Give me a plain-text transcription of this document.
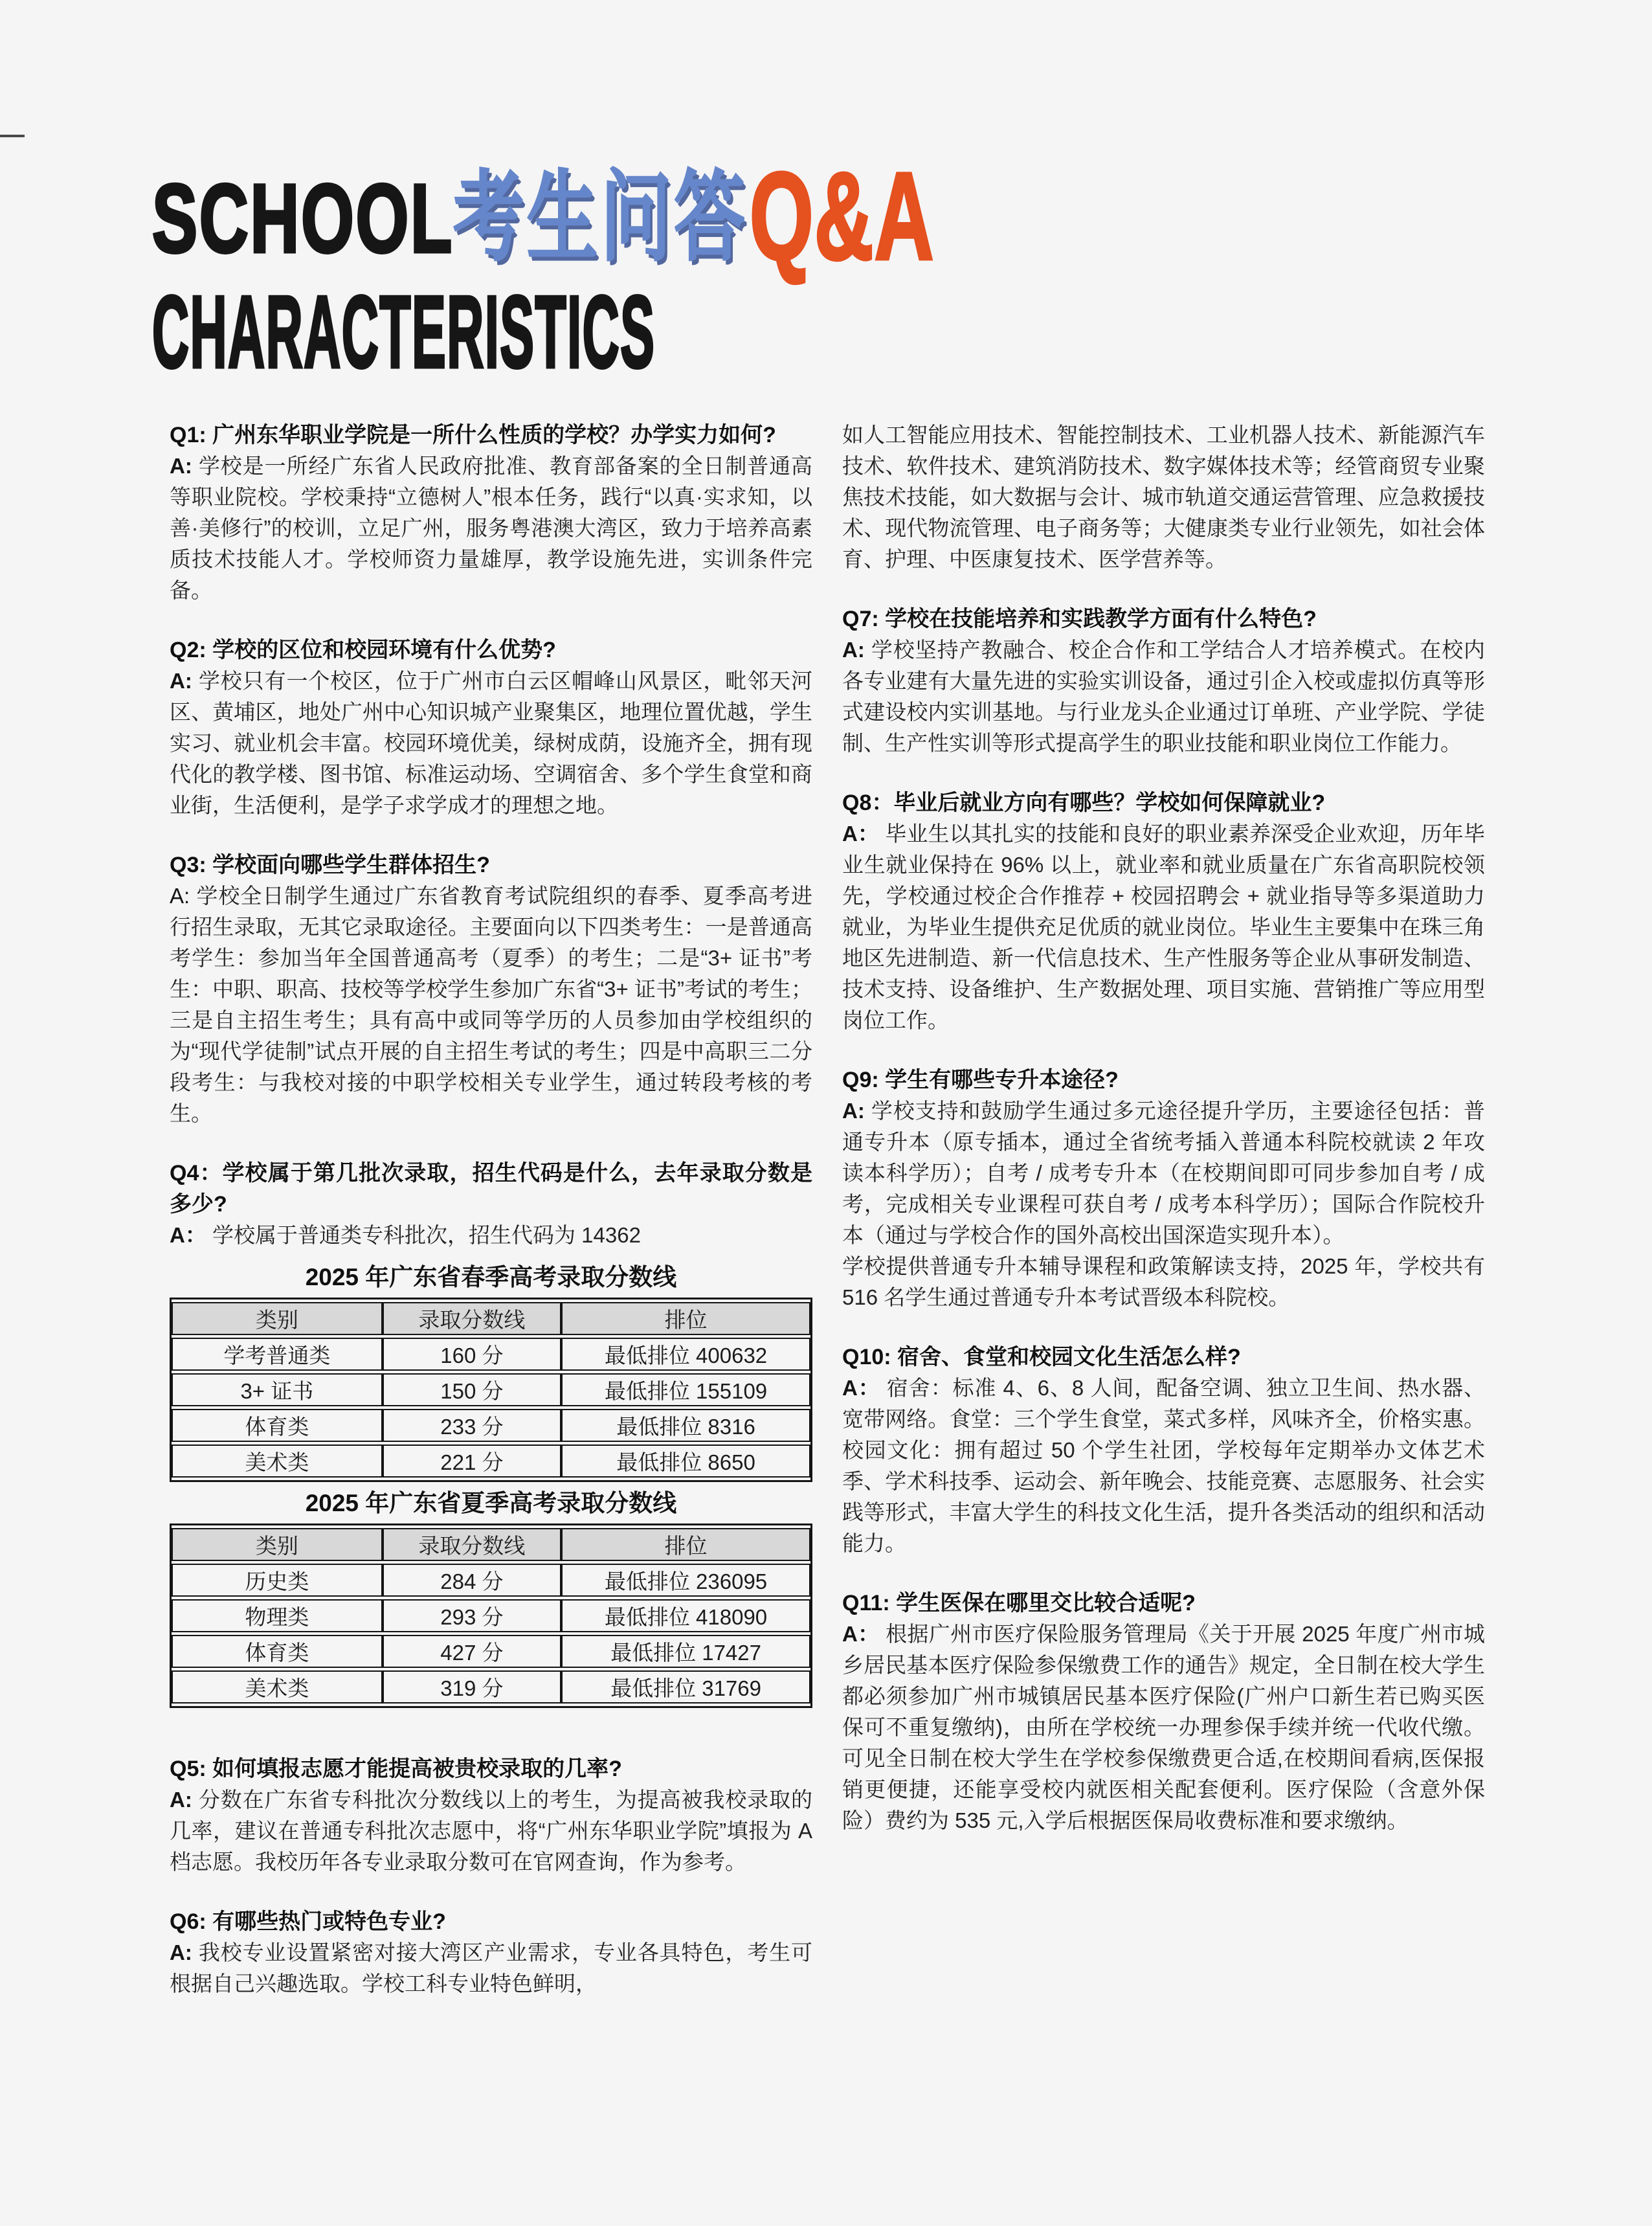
SCHOOL 考生问答 Q&A
CHARACTERISTICS

Q1: 广州东华职业学院是一所什么性质的学校？办学实力如何?

A: 学校是一所经广东省人民政府批准、教育部备案的全日制普通高等职业院校。学校秉持“立德树人”根本任务，践行“以真·实求知，以善·美修行”的校训，立足广州，服务粤港澳大湾区，致力于培养高素质技术技能人才。学校师资力量雄厚，教学设施先进，实训条件完备。

Q2: 学校的区位和校园环境有什么优势?

A: 学校只有一个校区，位于广州市白云区帽峰山风景区，毗邻天河区、黄埔区，地处广州中心知识城产业聚集区，地理位置优越，学生实习、就业机会丰富。校园环境优美，绿树成荫，设施齐全，拥有现代化的教学楼、图书馆、标准运动场、空调宿舍、多个学生食堂和商业街，生活便利，是学子求学成才的理想之地。

Q3: 学校面向哪些学生群体招生?

A: 学校全日制学生通过广东省教育考试院组织的春季、夏季高考进行招生录取，无其它录取途径。主要面向以下四类考生：一是普通高考学生：参加当年全国普通高考（夏季）的考生；二是“3+ 证书”考生：中职、职高、技校等学校学生参加广东省“3+ 证书”考试的考生；三是自主招生考生；具有高中或同等学历的人员参加由学校组织的为“现代学徒制”试点开展的自主招生考试的考生；四是中高职三二分段考生：与我校对接的中职学校相关专业学生，通过转段考核的考生。

Q4：学校属于第几批次录取，招生代码是什么，去年录取分数是多少?

A： 学校属于普通类专科批次，招生代码为 14362

2025 年广东省春季高考录取分数线

类别	录取分数线	排位
学考普通类	160 分	最低排位 400632
3+ 证书	150 分	最低排位 155109
体育类	233 分	最低排位 8316
美术类	221 分	最低排位 8650

2025 年广东省夏季高考录取分数线

类别	录取分数线	排位
历史类	284 分	最低排位 236095
物理类	293 分	最低排位 418090
体育类	427 分	最低排位 17427
美术类	319 分	最低排位 31769

Q5: 如何填报志愿才能提高被贵校录取的几率?

A: 分数在广东省专科批次分数线以上的考生，为提高被我校录取的几率，建议在普通专科批次志愿中，将“广州东华职业学院”填报为 A 档志愿。我校历年各专业录取分数可在官网查询，作为参考。

Q6: 有哪些热门或特色专业?

A: 我校专业设置紧密对接大湾区产业需求，专业各具特色，考生可根据自己兴趣选取。学校工科专业特色鲜明，

如人工智能应用技术、智能控制技术、工业机器人技术、新能源汽车技术、软件技术、建筑消防技术、数字媒体技术等；经管商贸专业聚焦技术技能，如大数据与会计、城市轨道交通运营管理、应急救援技术、现代物流管理、电子商务等；大健康类专业行业领先，如社会体育、护理、中医康复技术、医学营养等。

Q7: 学校在技能培养和实践教学方面有什么特色?

A: 学校坚持产教融合、校企合作和工学结合人才培养模式。在校内各专业建有大量先进的实验实训设备，通过引企入校或虚拟仿真等形式建设校内实训基地。与行业龙头企业通过订单班、产业学院、学徒制、生产性实训等形式提高学生的职业技能和职业岗位工作能力。

Q8：毕业后就业方向有哪些？学校如何保障就业?

A： 毕业生以其扎实的技能和良好的职业素养深受企业欢迎，历年毕业生就业保持在 96% 以上，就业率和就业质量在广东省高职院校领先，学校通过校企合作推荐 + 校园招聘会 + 就业指导等多渠道助力就业，为毕业生提供充足优质的就业岗位。毕业生主要集中在珠三角地区先进制造、新一代信息技术、生产性服务等企业从事研发制造、技术支持、设备维护、生产数据处理、项目实施、营销推广等应用型岗位工作。

Q9: 学生有哪些专升本途径?

A: 学校支持和鼓励学生通过多元途径提升学历，主要途径包括：普通专升本（原专插本，通过全省统考插入普通本科院校就读 2 年攻读本科学历）；自考 / 成考专升本（在校期间即可同步参加自考 / 成考，完成相关专业课程可获自考 / 成考本科学历）；国际合作院校升本（通过与学校合作的国外高校出国深造实现升本）。

学校提供普通专升本辅导课程和政策解读支持，2025 年，学校共有 516 名学生通过普通专升本考试晋级本科院校。

Q10: 宿舍、食堂和校园文化生活怎么样?

A： 宿舍：标准 4、6、8 人间，配备空调、独立卫生间、热水器、宽带网络。食堂：三个学生食堂，菜式多样，风味齐全，价格实惠。校园文化：拥有超过 50 个学生社团，学校每年定期举办文体艺术季、学术科技季、运动会、新年晚会、技能竞赛、志愿服务、社会实践等形式，丰富大学生的科技文化生活，提升各类活动的组织和活动能力。

Q11: 学生医保在哪里交比较合适呢?

A： 根据广州市医疗保险服务管理局《关于开展 2025 年度广州市城乡居民基本医疗保险参保缴费工作的通告》规定，全日制在校大学生都必须参加广州市城镇居民基本医疗保险(广州户口新生若已购买医保可不重复缴纳)，由所在学校统一办理参保手续并统一代收代缴。可见全日制在校大学生在学校参保缴费更合适,在校期间看病,医保报销更便捷，还能享受校内就医相关配套便利。医疗保险（含意外保险）费约为 535 元,入学后根据医保局收费标准和要求缴纳。
